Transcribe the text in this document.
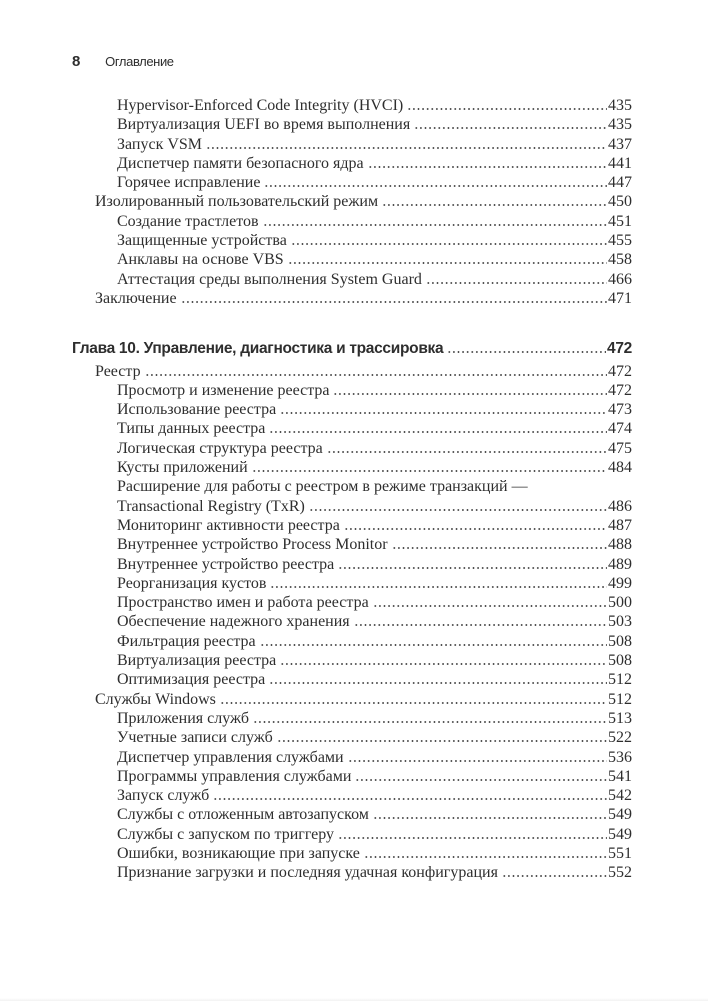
8 Оглавление
Hypervisor-Enforced Code Integrity (HVCI)	435
Виртуализация UEFI во время выполнения	435
Запуск VSM	437
Диспетчер памяти безопасного ядра	441
Горячее исправление	447
Изолированный пользовательский режим	450
Создание трастлетов	451
Защищенные устройства	455
Анклавы на основе VBS	458
Аттестация среды выполнения System Guard	466
Заключение	471
Глава 10. Управление, диагностика и трассировка	472
Реестр	472
Просмотр и изменение реестра	472
Использование реестра	473
Типы данных реестра	474
Логическая структура реестра	475
Кусты приложений	484
Расширение для работы с реестром в режиме транзакций —
Transactional Registry (TxR)	486
Мониторинг активности реестра	487
Внутреннее устройство Process Monitor	488
Внутреннее устройство реестра	489
Реорганизация кустов	499
Пространство имен и работа реестра	500
Обеспечение надежного хранения	503
Фильтрация реестра	508
Виртуализация реестра	508
Оптимизация реестра	512
Службы Windows	512
Приложения служб	513
Учетные записи служб	522
Диспетчер управления службами	536
Программы управления службами	541
Запуск служб	542
Службы с отложенным автозапуском	549
Службы с запуском по триггеру	549
Ошибки, возникающие при запуске	551
Признание загрузки и последняя удачная конфигурация	552
